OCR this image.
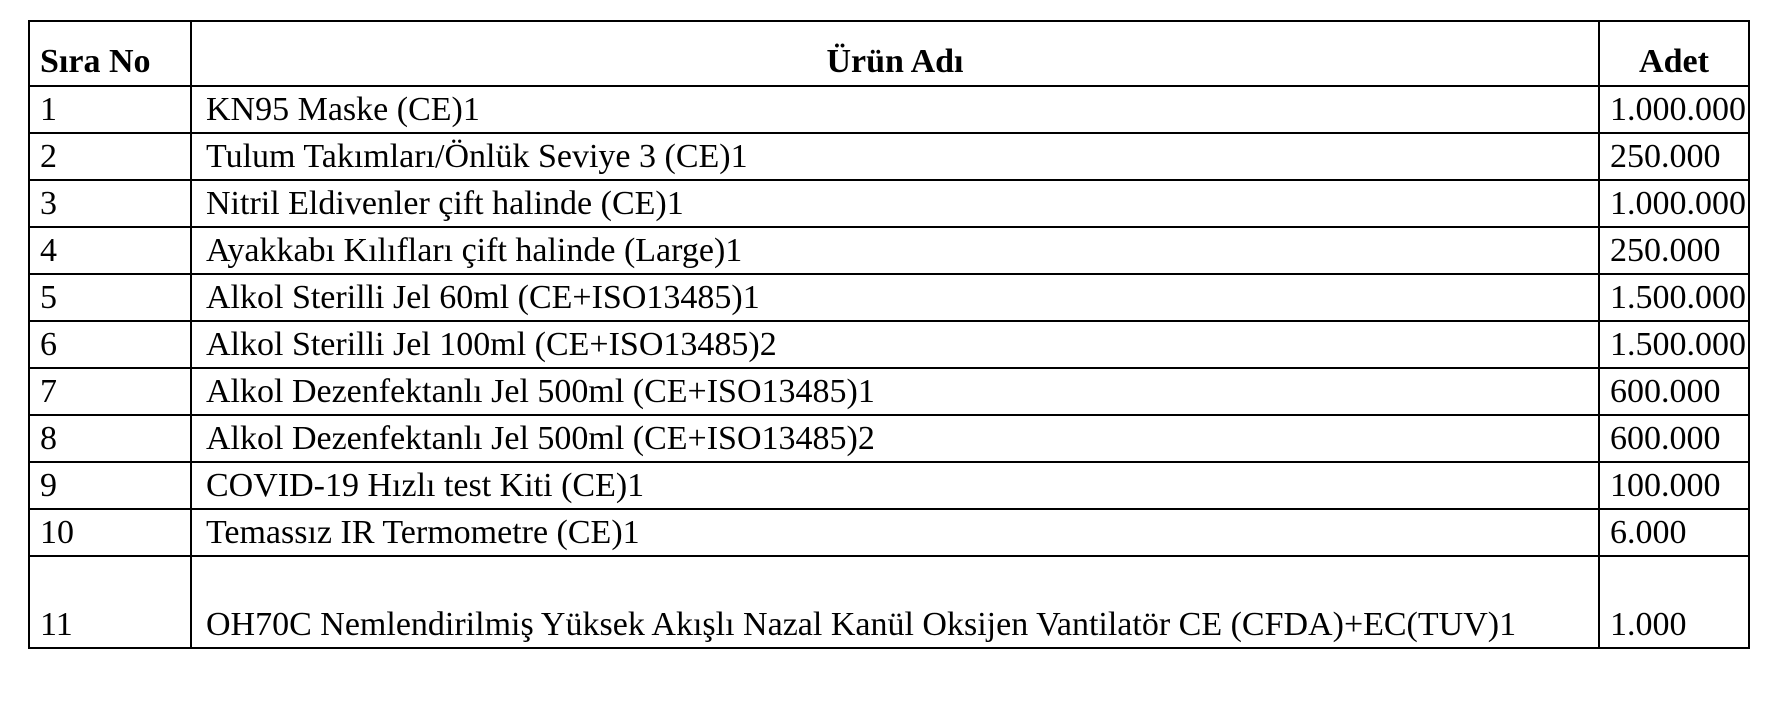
Sıra No	Ürün Adı	Adet
1	KN95 Maske (CE)1	1.000.000
2	Tulum Takımları/Önlük Seviye 3 (CE)1	250.000
3	Nitril Eldivenler çift halinde (CE)1	1.000.000
4	Ayakkabı Kılıfları çift halinde (Large)1	250.000
5	Alkol Sterilli Jel 60ml (CE+ISO13485)1	1.500.000
6	Alkol Sterilli Jel 100ml (CE+ISO13485)2	1.500.000
7	Alkol Dezenfektanlı Jel 500ml (CE+ISO13485)1	600.000
8	Alkol Dezenfektanlı Jel 500ml (CE+ISO13485)2	600.000
9	COVID-19 Hızlı test Kiti (CE)1	100.000
10	Temassız IR Termometre (CE)1	6.000
11	OH70C Nemlendirilmiş Yüksek Akışlı Nazal Kanül Oksijen Vantilatör CE (CFDA)+EC(TUV)1	1.000
